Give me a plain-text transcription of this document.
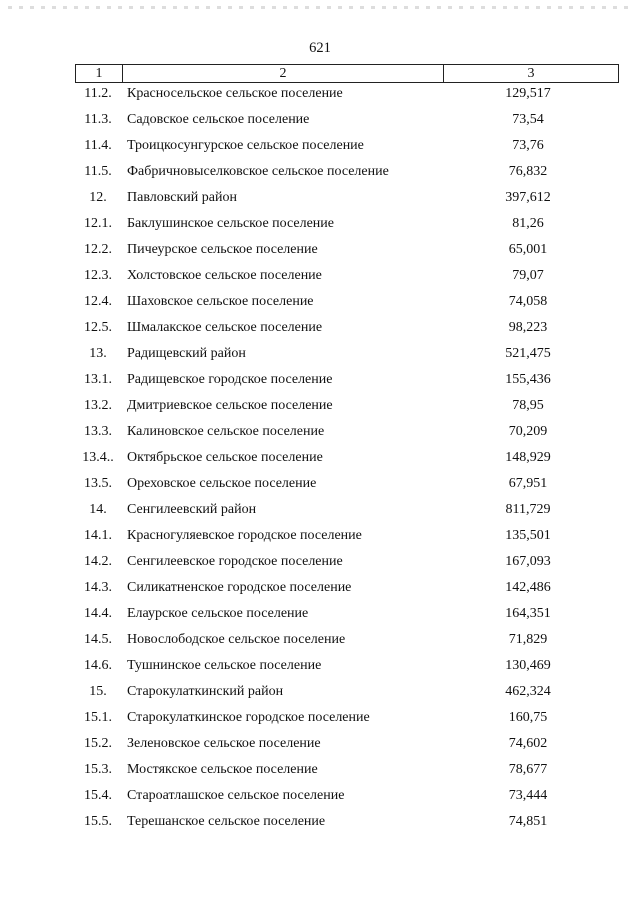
621
1	2	3
11.2.	Красносельское сельское поселение	129,517
11.3.	Садовское сельское поселение	73,54
11.4.	Троицкосунгурское сельское поселение	73,76
11.5.	Фабричновыселковское сельское поселение	76,832
12.	Павловский район	397,612
12.1.	Баклушинское сельское поселение	81,26
12.2.	Пичеурское сельское поселение	65,001
12.3.	Холстовское сельское поселение	79,07
12.4.	Шаховское сельское поселение	74,058
12.5.	Шмалакское сельское поселение	98,223
13.	Радищевский район	521,475
13.1.	Радищевское городское поселение	155,436
13.2.	Дмитриевское сельское поселение	78,95
13.3.	Калиновское сельское поселение	70,209
13.4.. Октябрьское сельское поселение	148,929
13.5.	Ореховское сельское поселение	67,951
14.	Сенгилеевский район	811,729
14.1.	Красногуляевское городское поселение	135,501
14.2.	Сенгилеевское городское поселение	167,093
14.3.	Силикатненское городское поселение	142,486
14.4.	Елаурское сельское поселение	164,351
14.5.	Новослободское сельское поселение	71,829
14.6.	Тушнинское сельское поселение	130,469
15.	Старокулаткинский район	462,324
15.1.	Старокулаткинское городское поселение	160,75
15.2.	Зеленовское сельское поселение	74,602
15.3.	Мостякское сельское поселение	78,677
15.4.	Староатлашское сельское поселение	73,444
15.5.	Терешанское сельское поселение	74,851
